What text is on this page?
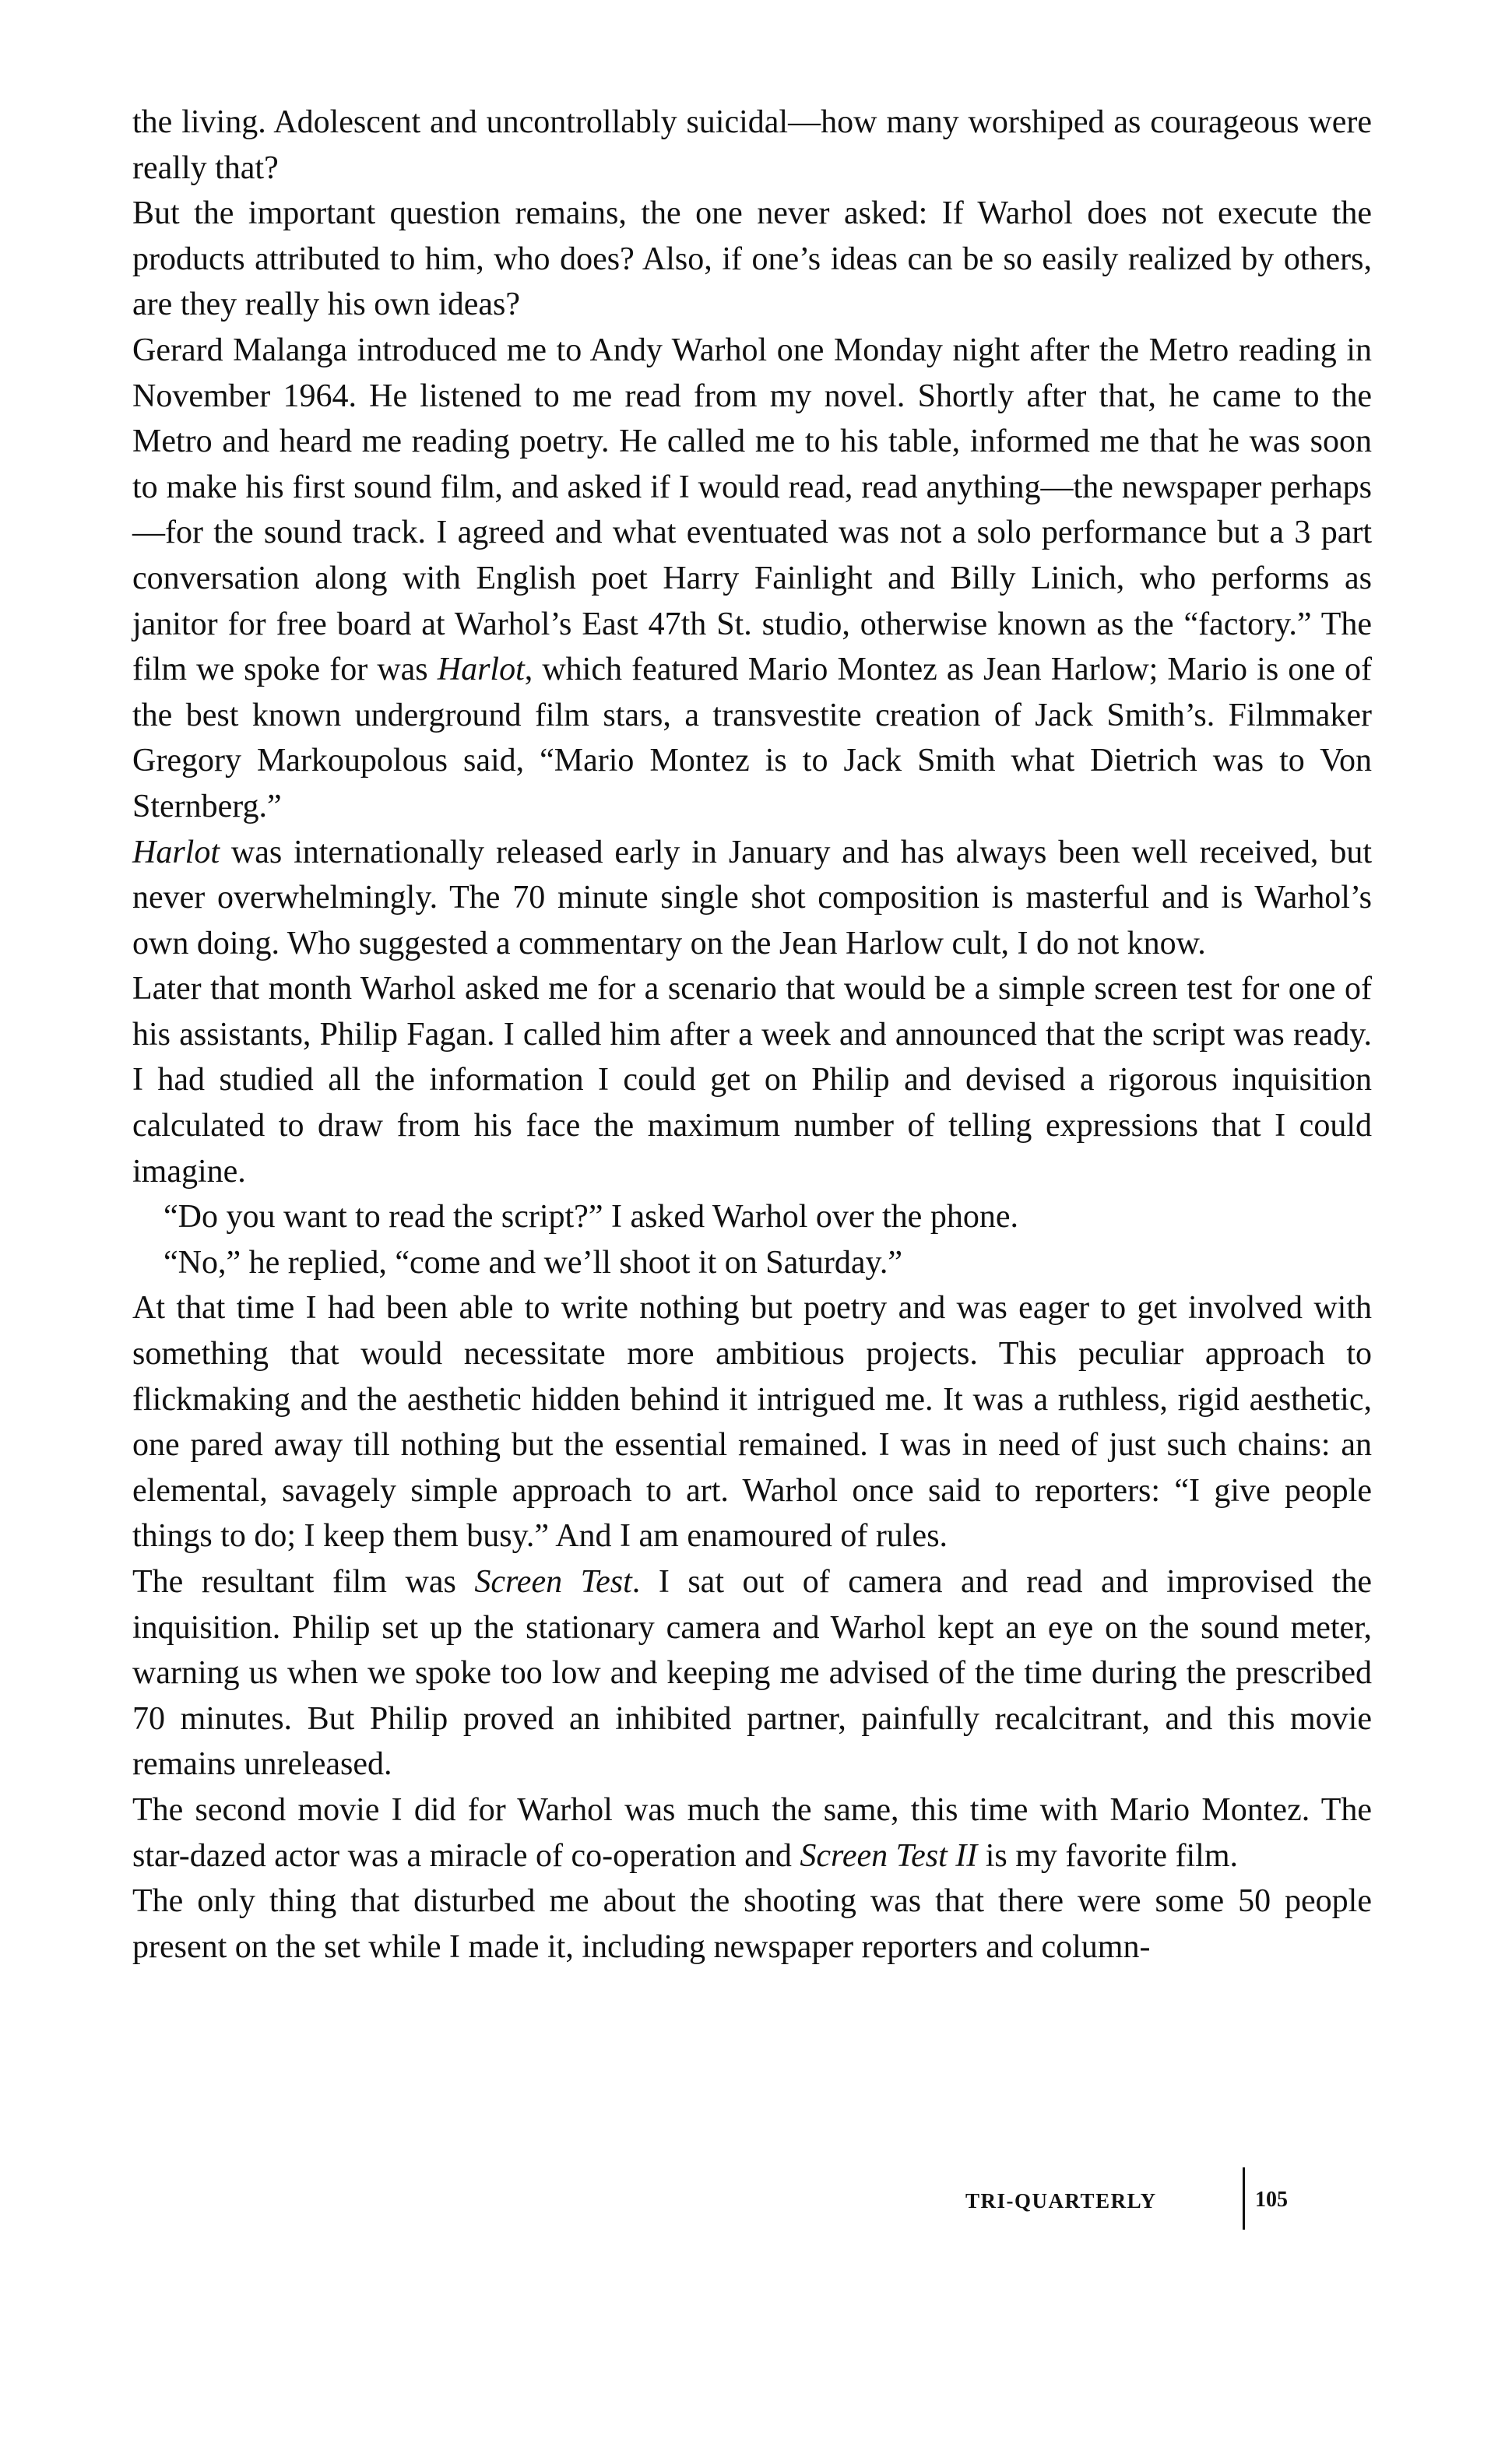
the living. Adolescent and uncontrollably suicidal—how many worshiped as courageous were really that?

But the important question remains, the one never asked: If Warhol does not execute the products attributed to him, who does? Also, if one’s ideas can be so easily realized by others, are they really his own ideas?

Gerard Malanga introduced me to Andy Warhol one Monday night after the Metro reading in November 1964. He listened to me read from my novel. Shortly after that, he came to the Metro and heard me reading poetry. He called me to his table, informed me that he was soon to make his first sound film, and asked if I would read, read anything—the newspaper perhaps—for the sound track. I agreed and what eventuated was not a solo performance but a 3 part conversation along with English poet Harry Fainlight and Billy Linich, who performs as janitor for free board at Warhol’s East 47th St. studio, otherwise known as the “factory.” The film we spoke for was Harlot, which featured Mario Montez as Jean Harlow; Mario is one of the best known underground film stars, a transvestite creation of Jack Smith’s. Filmmaker Gregory Markoupolous said, “Mario Montez is to Jack Smith what Dietrich was to Von Sternberg.”

Harlot was internationally released early in January and has always been well received, but never overwhelmingly. The 70 minute single shot composition is masterful and is Warhol’s own doing. Who suggested a commentary on the Jean Harlow cult, I do not know.

Later that month Warhol asked me for a scenario that would be a simple screen test for one of his assistants, Philip Fagan. I called him after a week and announced that the script was ready. I had studied all the information I could get on Philip and devised a rigorous inquisition calculated to draw from his face the maximum number of telling expressions that I could imagine.

“Do you want to read the script?” I asked Warhol over the phone.

“No,” he replied, “come and we’ll shoot it on Saturday.”

At that time I had been able to write nothing but poetry and was eager to get involved with something that would necessitate more ambitious projects. This peculiar approach to flickmaking and the aesthetic hidden behind it intrigued me. It was a ruthless, rigid aesthetic, one pared away till nothing but the essential remained. I was in need of just such chains: an elemental, savagely simple approach to art. Warhol once said to reporters: “I give people things to do; I keep them busy.” And I am enamoured of rules.

The resultant film was Screen Test. I sat out of camera and read and improvised the inquisition. Philip set up the stationary camera and Warhol kept an eye on the sound meter, warning us when we spoke too low and keeping me advised of the time during the prescribed 70 minutes. But Philip proved an inhibited partner, painfully recalcitrant, and this movie remains unreleased.

The second movie I did for Warhol was much the same, this time with Mario Montez. The star-dazed actor was a miracle of co-operation and Screen Test II is my favorite film.

The only thing that disturbed me about the shooting was that there were some 50 people present on the set while I made it, including newspaper reporters and column-

TRI-QUARTERLY	105
